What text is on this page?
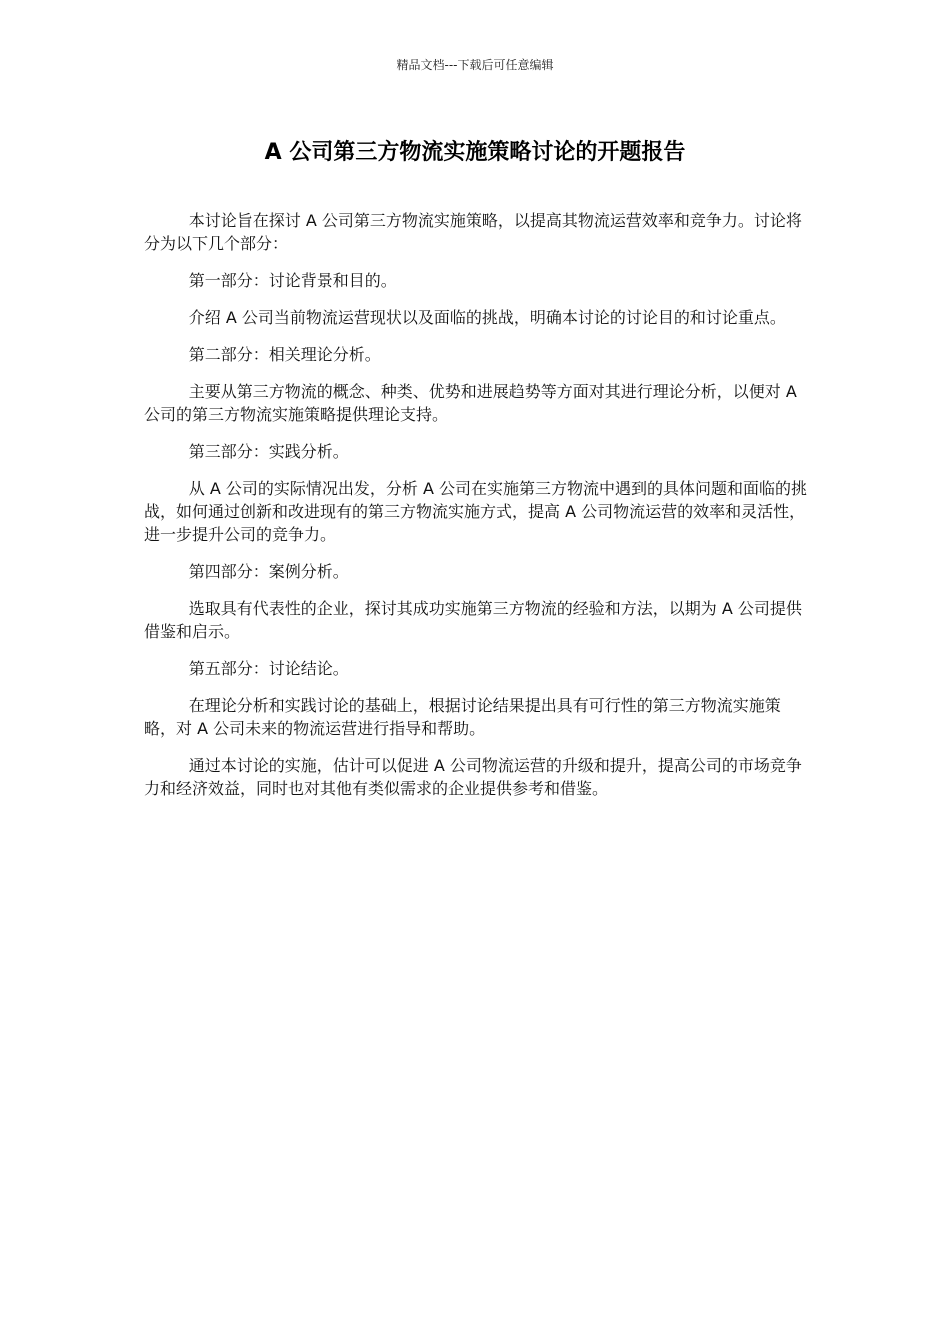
精品文档---下载后可任意编辑
A 公司第三方物流实施策略讨论的开题报告

本讨论旨在探讨 A 公司第三方物流实施策略，以提高其物流运营效率和竞争力。讨论将分为以下几个部分：

第一部分：讨论背景和目的。

介绍 A 公司当前物流运营现状以及面临的挑战，明确本讨论的讨论目的和讨论重点。

第二部分：相关理论分析。

主要从第三方物流的概念、种类、优势和进展趋势等方面对其进行理论分析，以便对 A 公司的第三方物流实施策略提供理论支持。

第三部分：实践分析。

从 A 公司的实际情况出发，分析 A 公司在实施第三方物流中遇到的具体问题和面临的挑战，如何通过创新和改进现有的第三方物流实施方式，提高 A 公司物流运营的效率和灵活性，进一步提升公司的竞争力。

第四部分：案例分析。

选取具有代表性的企业，探讨其成功实施第三方物流的经验和方法，以期为 A 公司提供借鉴和启示。

第五部分：讨论结论。

在理论分析和实践讨论的基础上，根据讨论结果提出具有可行性的第三方物流实施策略，对 A 公司未来的物流运营进行指导和帮助。

通过本讨论的实施，估计可以促进 A 公司物流运营的升级和提升，提高公司的市场竞争力和经济效益，同时也对其他有类似需求的企业提供参考和借鉴。
